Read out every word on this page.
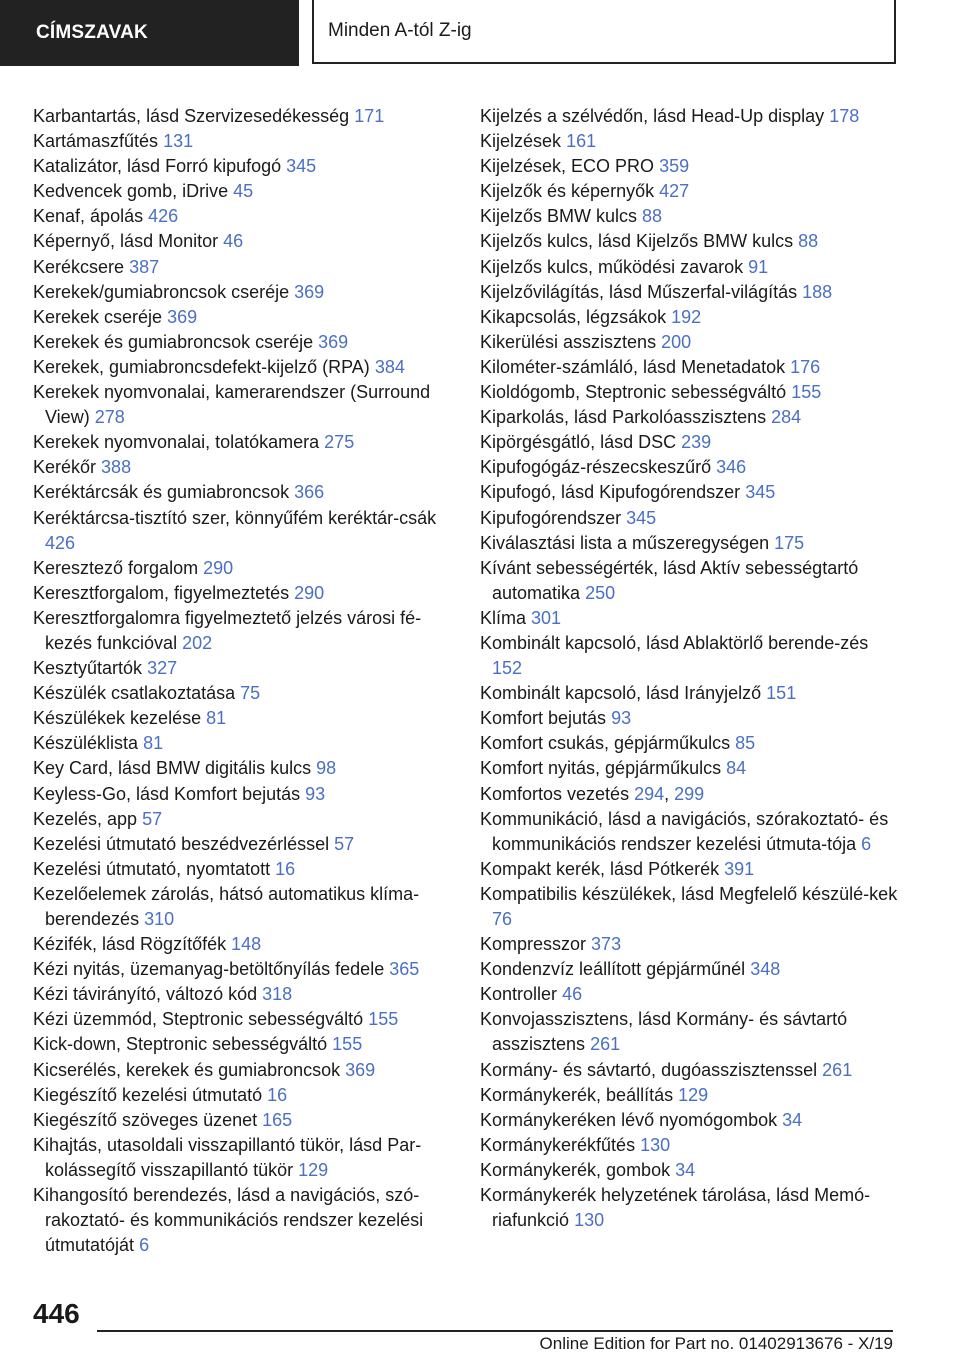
CÍMSZAVAK	Minden A-tól Z-ig
Karbantartás, lásd Szervizesedékesség 171
Kartámaszfűtés 131
Katalizátor, lásd Forró kipufogó 345
Kedvencek gomb, iDrive 45
Kenaf, ápolás 426
Képernyő, lásd Monitor 46
Kerékcsere 387
Kerekek/gumiabroncsok cseréje 369
Kerekek cseréje 369
Kerekek és gumiabroncsok cseréje 369
Kerekek, gumiabroncsdefekt-kijelző (RPA) 384
Kerekek nyomvonalai, kamerarendszer (Surround View) 278
Kerekek nyomvonalai, tolatókamera 275
Kerékőr 388
Keréktárcsák és gumiabroncsok 366
Keréktárcsa-tisztító szer, könnyűfém keréktár-csák 426
Keresztező forgalom 290
Keresztforgalom, figyelmeztetés 290
Keresztforgalomra figyelmeztető jelzés városi fé-kezés funkcióval 202
Kesztyűtartók 327
Készülék csatlakoztatása 75
Készülékek kezelése 81
Készüléklista 81
Key Card, lásd BMW digitális kulcs 98
Keyless-Go, lásd Komfort bejutás 93
Kezelés, app 57
Kezelési útmutató beszédvezérléssel 57
Kezelési útmutató, nyomtatott 16
Kezelőelemek zárolás, hátsó automatikus klíma-berendezés 310
Kézifék, lásd Rögzítőfék 148
Kézi nyitás, üzemanyag-betöltőnyílás fedele 365
Kézi távirányító, változó kód 318
Kézi üzemmód, Steptronic sebességváltó 155
Kick-down, Steptronic sebességváltó 155
Kicserélés, kerekek és gumiabroncsok 369
Kiegészítő kezelési útmutató 16
Kiegészítő szöveges üzenet 165
Kihajtás, utasoldali visszapillantó tükör, lásd Par-kolássegítő visszapillantó tükör 129
Kihangosító berendezés, lásd a navigációs, szó-rakoztató- és kommunikációs rendszer kezelési útmutatóját 6
Kijelzés a szélvédőn, lásd Head-Up display 178
Kijelzések 161
Kijelzések, ECO PRO 359
Kijelzők és képernyők 427
Kijelzős BMW kulcs 88
Kijelzős kulcs, lásd Kijelzős BMW kulcs 88
Kijelzős kulcs, működési zavarok 91
Kijelzővilágítás, lásd Műszerfal-világítás 188
Kikapcsolás, légzsákok 192
Kikerülési asszisztens 200
Kilométer-számláló, lásd Menetadatok 176
Kioldógomb, Steptronic sebességváltó 155
Kiparkolás, lásd Parkolóasszisztens 284
Kipörgésgátló, lásd DSC 239
Kipufogógáz-részecskeszűrő 346
Kipufogó, lásd Kipufogórendszer 345
Kipufogórendszer 345
Kiválasztási lista a műszeregységen 175
Kívánt sebességérték, lásd Aktív sebességtartó automatika 250
Klíma 301
Kombinált kapcsoló, lásd Ablaktörlő berende-zés 152
Kombinált kapcsoló, lásd Irányjelző 151
Komfort bejutás 93
Komfort csukás, gépjárműkulcs 85
Komfort nyitás, gépjárműkulcs 84
Komfortos vezetés 294, 299
Kommunikáció, lásd a navigációs, szórakoztató- és kommunikációs rendszer kezelési útmuta-tója 6
Kompakt kerék, lásd Pótkerék 391
Kompatibilis készülékek, lásd Megfelelő készülé-kek 76
Kompresszor 373
Kondenzvíz leállított gépjárműnél 348
Kontroller 46
Konvojasszisztens, lásd Kormány- és sávtartó asszisztens 261
Kormány- és sávtartó, dugóasszisztenssel 261
Kormánykerék, beállítás 129
Kormánykeréken lévő nyomógombok 34
Kormánykerékfűtés 130
Kormánykerék, gombok 34
Kormánykerék helyzetének tárolása, lásd Memó-riafunkció 130
446
Online Edition for Part no. 01402913676 - X/19
